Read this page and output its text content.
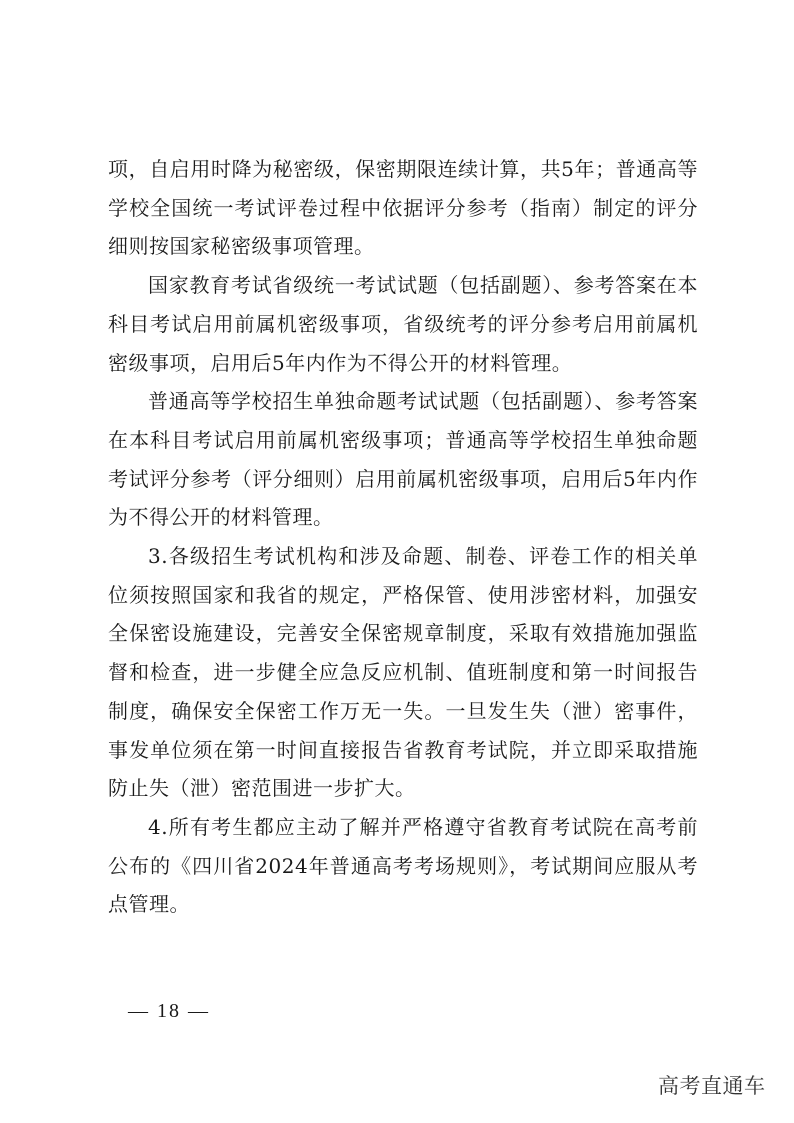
项，自启用时降为秘密级，保密期限连续计算，共5年；普通高等学校全国统一考试评卷过程中依据评分参考（指南）制定的评分细则按国家秘密级事项管理。

国家教育考试省级统一考试试题（包括副题）、参考答案在本科目考试启用前属机密级事项，省级统考的评分参考启用前属机密级事项，启用后5年内作为不得公开的材料管理。

普通高等学校招生单独命题考试试题（包括副题）、参考答案在本科目考试启用前属机密级事项；普通高等学校招生单独命题考试评分参考（评分细则）启用前属机密级事项，启用后5年内作为不得公开的材料管理。

3.各级招生考试机构和涉及命题、制卷、评卷工作的相关单位须按照国家和我省的规定，严格保管、使用涉密材料，加强安全保密设施建设，完善安全保密规章制度，采取有效措施加强监督和检查，进一步健全应急反应机制、值班制度和第一时间报告制度，确保安全保密工作万无一失。一旦发生失（泄）密事件，事发单位须在第一时间直接报告省教育考试院，并立即采取措施防止失（泄）密范围进一步扩大。

4.所有考生都应主动了解并严格遵守省教育考试院在高考前公布的《四川省2024年普通高考考场规则》，考试期间应服从考点管理。

— 18 —
高考直通车
